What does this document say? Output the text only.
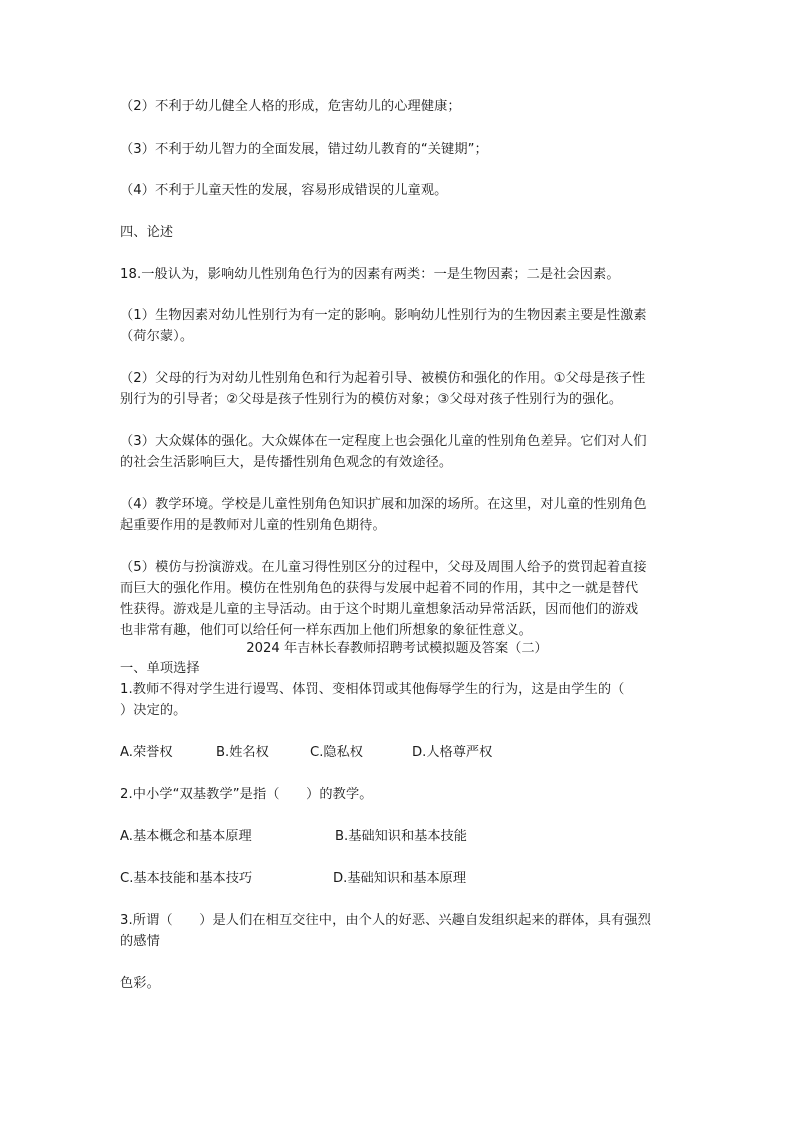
（2）不利于幼儿健全人格的形成，危害幼儿的心理健康；
（3）不利于幼儿智力的全面发展，错过幼儿教育的“关键期”；
（4）不利于儿童天性的发展，容易形成错误的儿童观。
四、论述
18.一般认为，影响幼儿性别角色行为的因素有两类：一是生物因素；二是社会因素。
（1）生物因素对幼儿性别行为有一定的影响。影响幼儿性别行为的生物因素主要是性激素
（荷尔蒙）。
（2）父母的行为对幼儿性别角色和行为起着引导、被模仿和强化的作用。①父母是孩子性
别行为的引导者；②父母是孩子性别行为的模仿对象；③父母对孩子性别行为的强化。
（3）大众媒体的强化。大众媒体在一定程度上也会强化儿童的性别角色差异。它们对人们
的社会生活影响巨大，是传播性别角色观念的有效途径。
（4）教学环境。学校是儿童性别角色知识扩展和加深的场所。在这里，对儿童的性别角色
起重要作用的是教师对儿童的性别角色期待。
（5）模仿与扮演游戏。在儿童习得性别区分的过程中，父母及周围人给予的赏罚起着直接
而巨大的强化作用。模仿在性别角色的获得与发展中起着不同的作用，其中之一就是替代
性获得。游戏是儿童的主导活动。由于这个时期儿童想象活动异常活跃，因而他们的游戏
也非常有趣，他们可以给任何一样东西加上他们所想象的象征性意义。
2024 年吉林长春教师招聘考试模拟题及答案（二）
一、单项选择
1.教师不得对学生进行谩骂、体罚、变相体罚或其他侮辱学生的行为，这是由学生的（
）决定的。
A.荣誉权	B.姓名权	C.隐私权	D.人格尊严权
2.中小学“双基教学”是指（　　）的教学。
A.基本概念和基本原理	B.基础知识和基本技能
C.基本技能和基本技巧	D.基础知识和基本原理
3.所谓（　　）是人们在相互交往中，由个人的好恶、兴趣自发组织起来的群体，具有强烈
的感情
色彩。
